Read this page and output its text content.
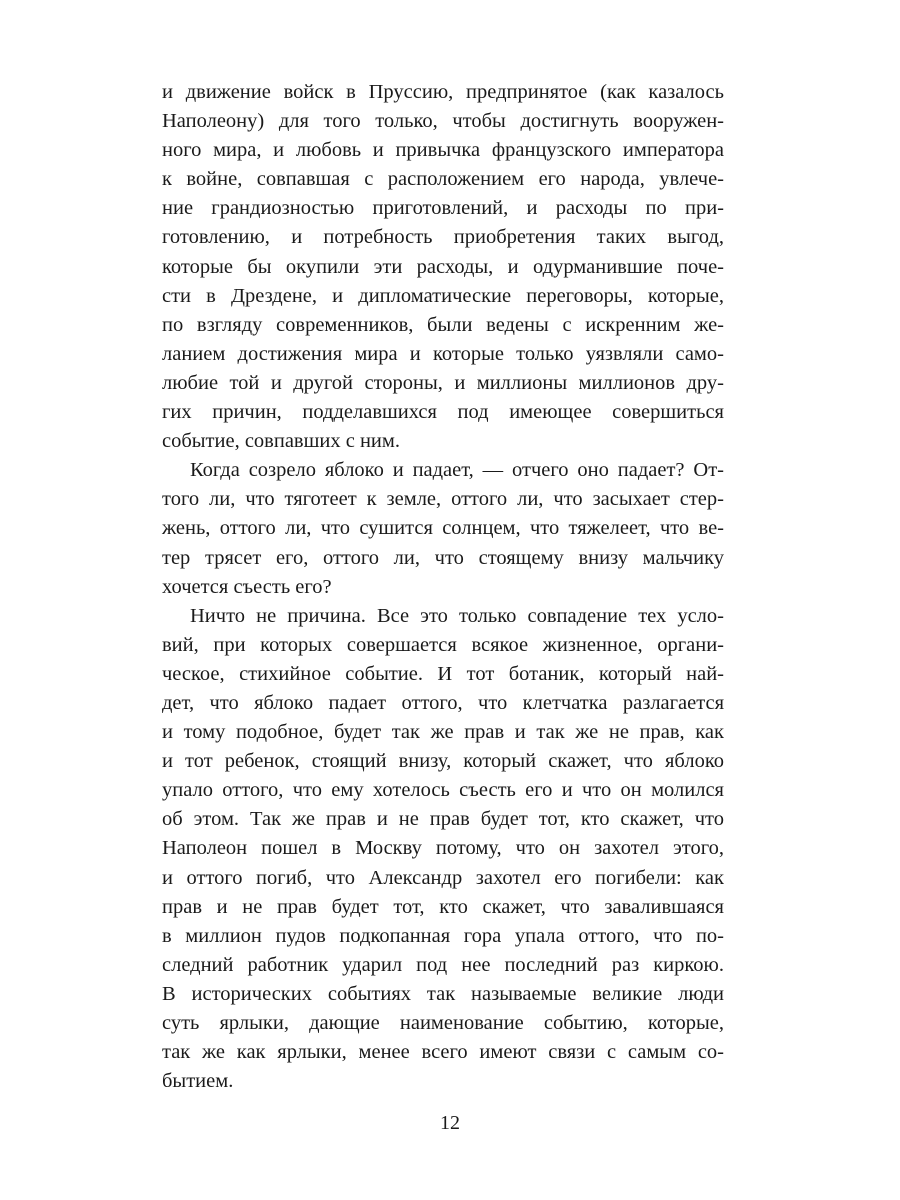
и движение войск в Пруссию, предпринятое (как казалось
Наполеону) для того только, чтобы достигнуть вооружен-
ного мира, и любовь и привычка французского императора
к войне, совпавшая с расположением его народа, увлече-
ние грандиозностью приготовлений, и расходы по при-
готовлению, и потребность приобретения таких выгод,
которые бы окупили эти расходы, и одурманившие поче-
сти в Дрездене, и дипломатические переговоры, которые,
по взгляду современников, были ведены с искренним же-
ланием достижения мира и которые только уязвляли само-
любие той и другой стороны, и миллионы миллионов дру-
гих причин, подделавшихся под имеющее совершиться
событие, совпавших с ним.
Когда созрело яблоко и падает, — отчего оно падает? От-
того ли, что тяготеет к земле, оттого ли, что засыхает стер-
жень, оттого ли, что сушится солнцем, что тяжелеет, что ве-
тер трясет его, оттого ли, что стоящему внизу мальчику
хочется съесть его?
Ничто не причина. Все это только совпадение тех усло-
вий, при которых совершается всякое жизненное, органи-
ческое, стихийное событие. И тот ботаник, который най-
дет, что яблоко падает оттого, что клетчатка разлагается
и тому подобное, будет так же прав и так же не прав, как
и тот ребенок, стоящий внизу, который скажет, что яблоко
упало оттого, что ему хотелось съесть его и что он молился
об этом. Так же прав и не прав будет тот, кто скажет, что
Наполеон пошел в Москву потому, что он захотел этого,
и оттого погиб, что Александр захотел его погибели: как
прав и не прав будет тот, кто скажет, что завалившаяся
в миллион пудов подкопанная гора упала оттого, что по-
следний работник ударил под нее последний раз киркою.
В исторических событиях так называемые великие люди
суть ярлыки, дающие наименование событию, которые,
так же как ярлыки, менее всего имеют связи с самым со-
бытием.
12
